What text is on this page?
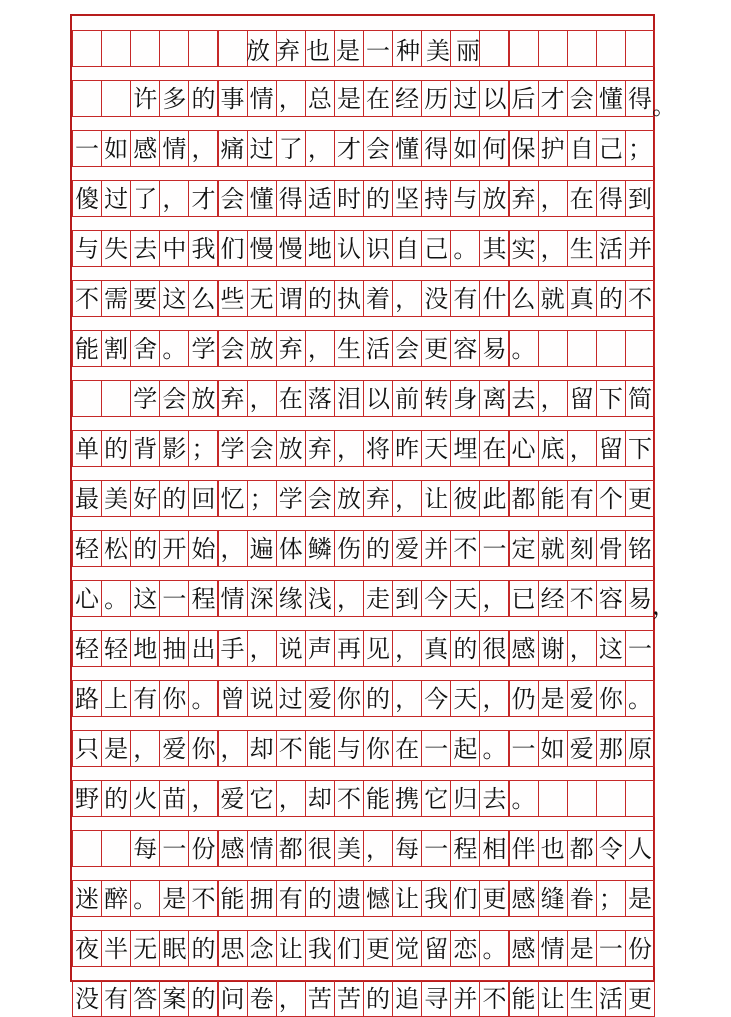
放弃也是一种美丽
许 多 的 事 情 ， 总 是 在 经 历 过 以 后 才 会 懂 得 。
一 如 感 情 ， 痛 过 了 ， 才 会 懂 得 如 何 保 护 自 己 ；
傻 过 了 ， 才 会 懂 得 适 时 的 坚 持 与 放 弃 ， 在 得 到
与 失 去 中 我 们 慢 慢 地 认 识 自 己 。 其 实 ， 生 活 并
不 需 要 这 么 些 无 谓 的 执 着 ， 没 有 什 么 就 真 的 不
能 割 舍 。 学 会 放 弃 ， 生 活 会 更 容 易 。
学 会 放 弃 ， 在 落 泪 以 前 转 身 离 去 ， 留 下 简
单 的 背 影 ； 学 会 放 弃 ， 将 昨 天 埋 在 心 底 ， 留 下
最 美 好 的 回 忆 ； 学 会 放 弃 ， 让 彼 此 都 能 有 个 更
轻 松 的 开 始 ， 遍 体 鳞 伤 的 爱 并 不 一 定 就 刻 骨 铭
心 。 这 一 程 情 深 缘 浅 ， 走 到 今 天 ， 已 经 不 容 易 ，
轻 轻 地 抽 出 手 ， 说 声 再 见 ， 真 的 很 感 谢 ， 这 一
路 上 有 你 。 曾 说 过 爱 你 的 ， 今 天 ， 仍 是 爱 你 。
只 是 ， 爱 你 ， 却 不 能 与 你 在 一 起 。 一 如 爱 那 原
野 的 火 苗 ， 爱 它 ， 却 不 能 携 它 归 去 。
每 一 份 感 情 都 很 美 ， 每 一 程 相 伴 也 都 令 人
迷 醉 。 是 不 能 拥 有 的 遗 憾 让 我 们 更 感 缝 眷 ； 是
夜 半 无 眠 的 思 念 让 我 们 更 觉 留 恋 。 感 情 是 一 份
没 有 答 案 的 问 卷 ， 苦 苦 的 追 寻 并 不 能 让 生 活 更
